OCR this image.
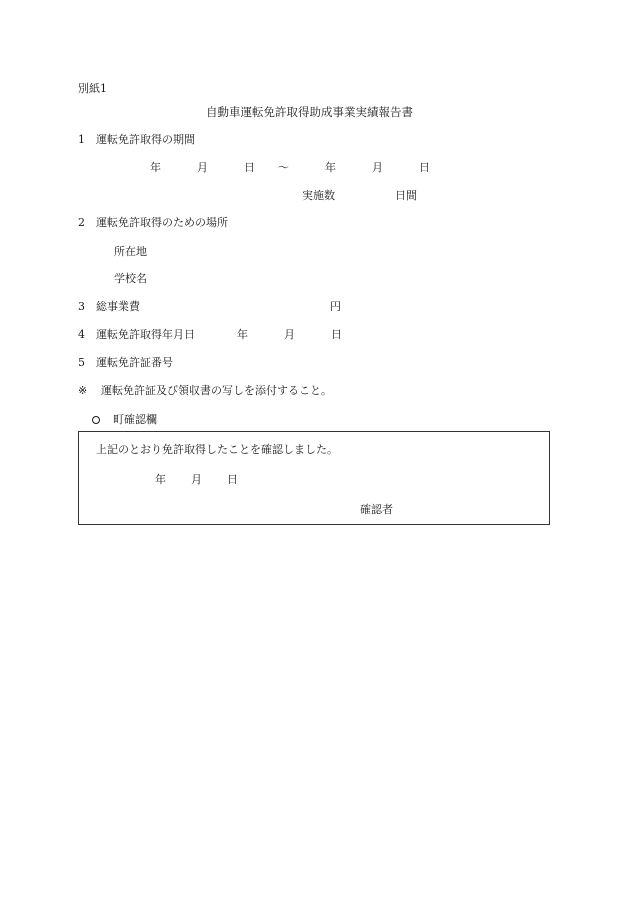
別紙1
自動車運転免許取得助成事業実績報告書
1 運転免許取得の期間
年	月	日 〜	年	月	日
実施数	日間
2 運転免許取得のための場所
所在地
学校名
3 総事業費	円
4 運転免許取得年月日	年	月	日
5 運転免許証番号
※ 運転免許証及び領収書の写しを添付すること。
町確認欄
上記のとおり免許取得したことを確認しました。
年 月 日
確認者
